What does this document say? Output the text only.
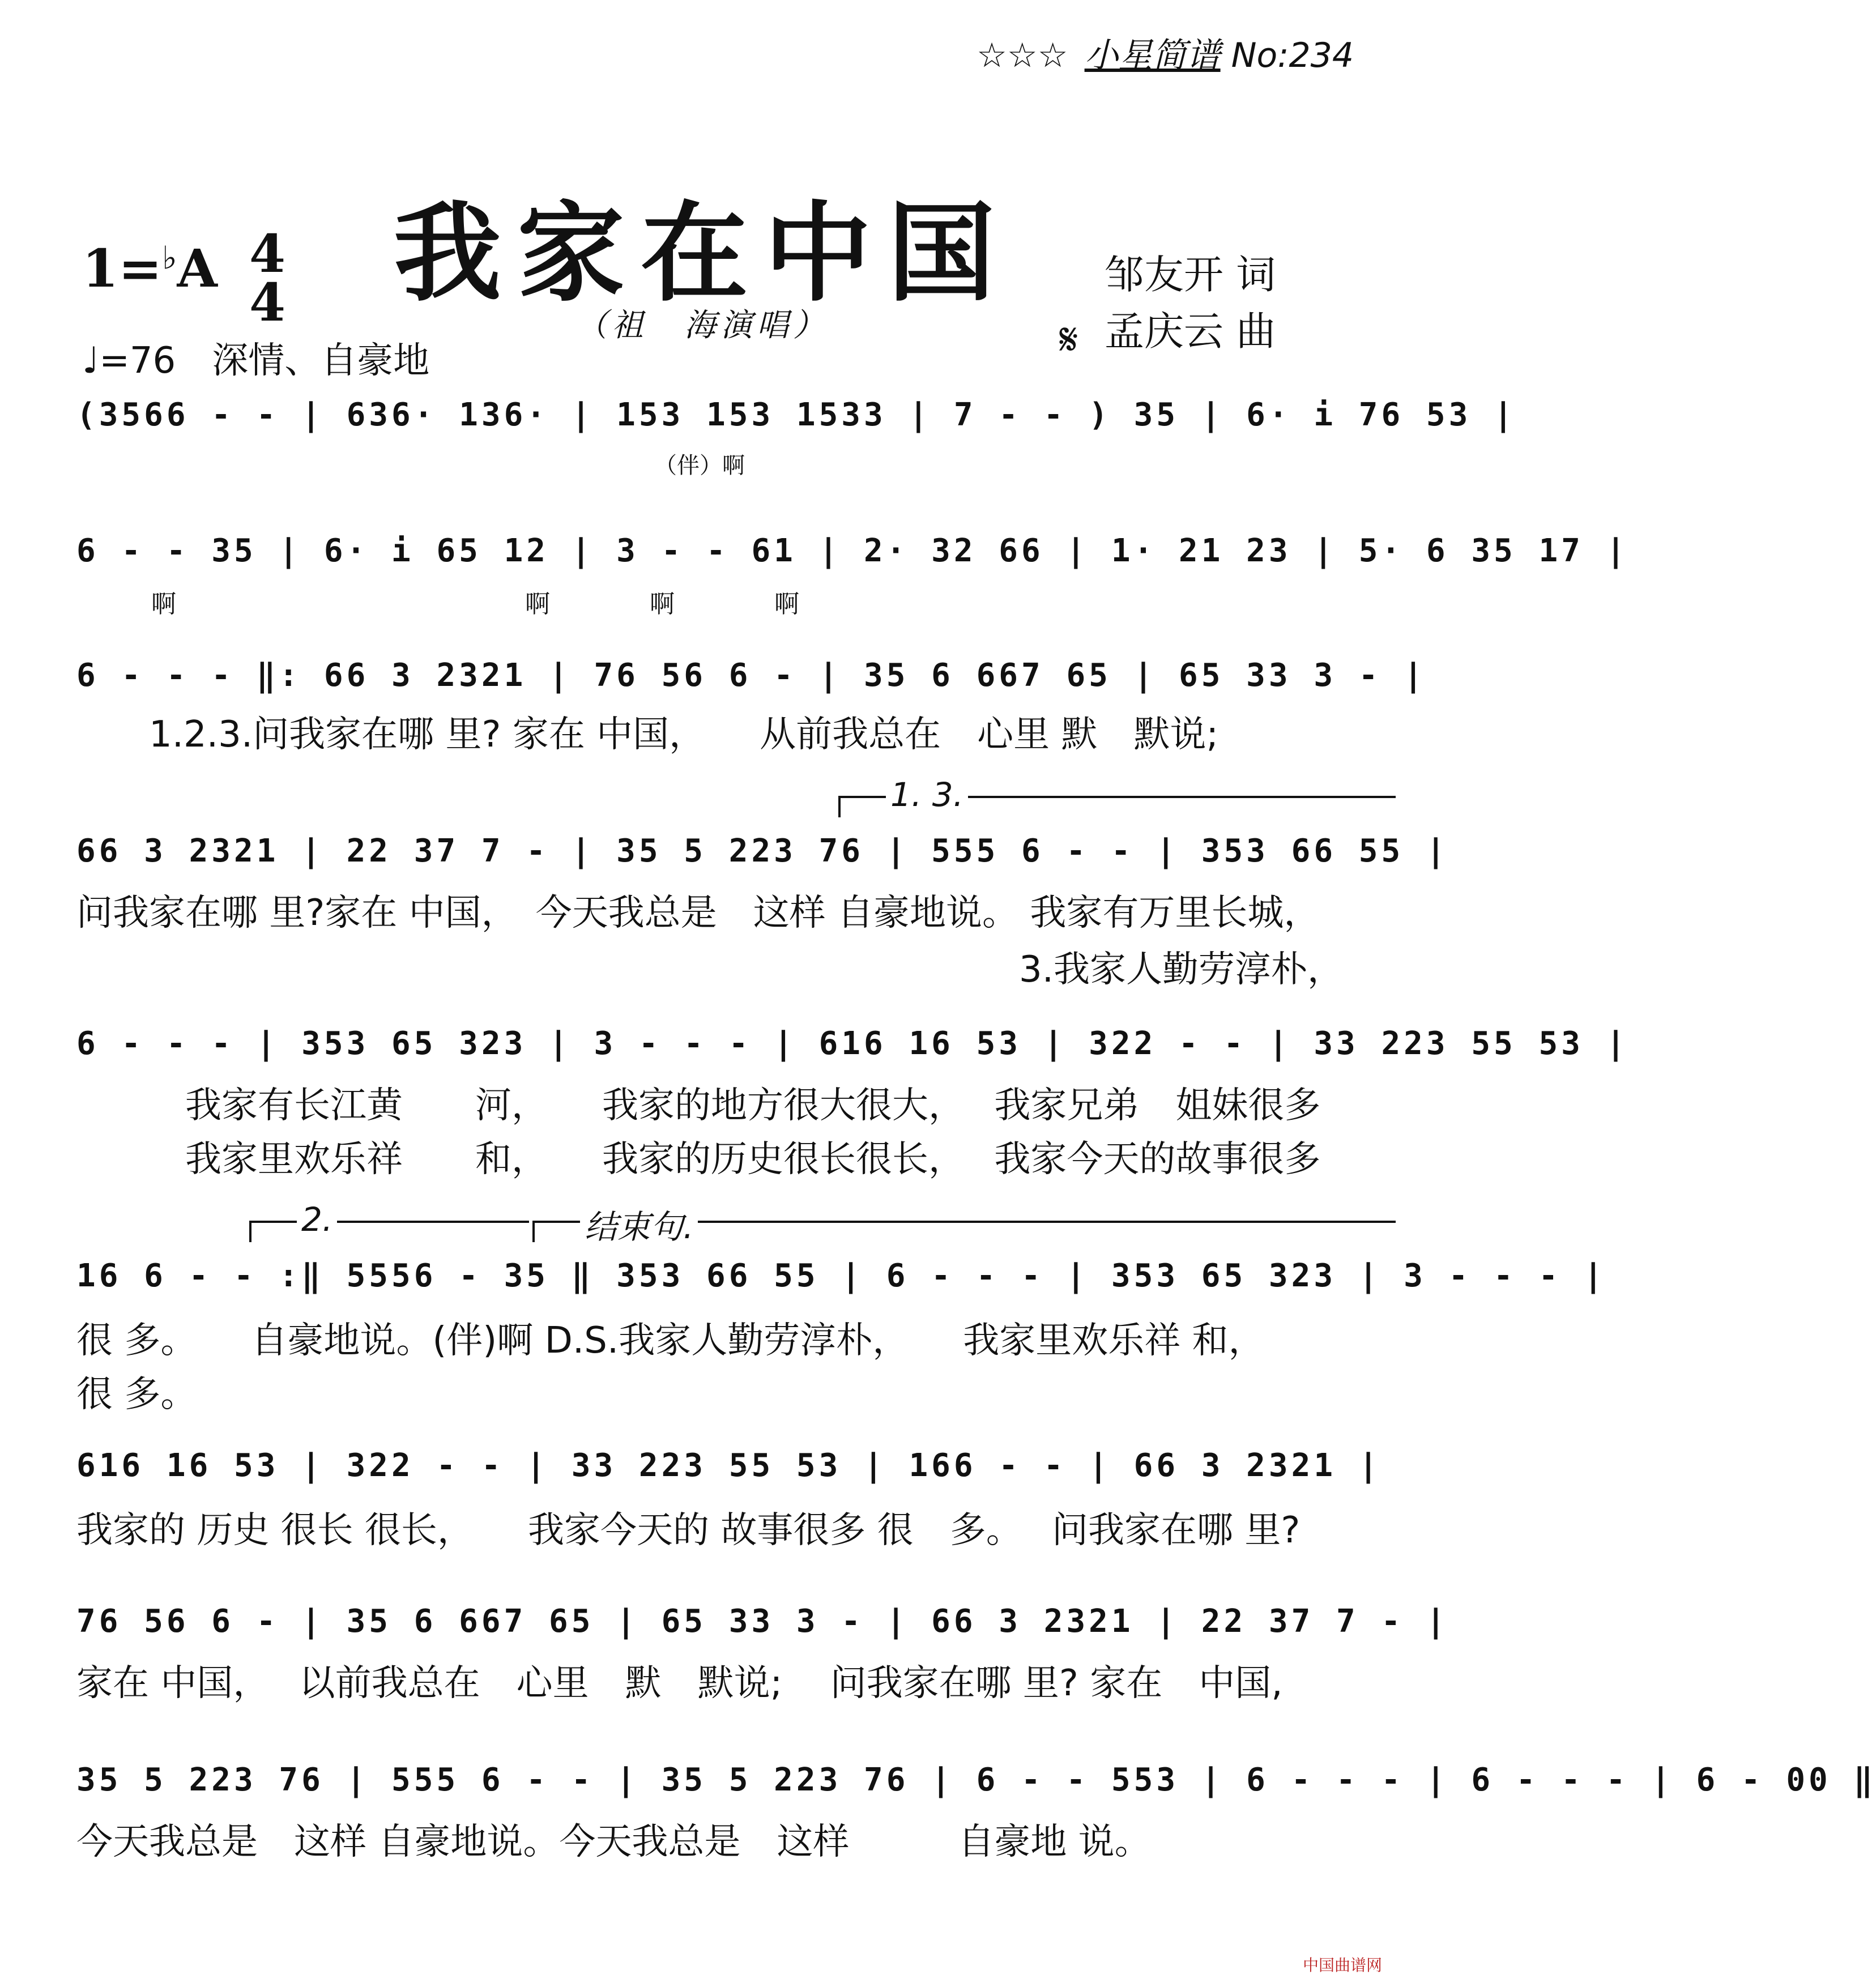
☆☆☆ 小星简谱 No:234
我家在中国
（祖　海演唱）
1=♭A 4
4
♩=76　深情、自豪地
邹友开 词
孟庆云 曲
𝄋
(3566 - - | 636· 136· | 153 153 1533 | 7 - - ) 35 | 6· i 76 53 |
　　　　　　　　　　　　　　　　　　　　　　　　　　（伴）啊
6 - - 35 | 6· i 65 12 | 3 - - 61 | 2· 32 66 | 1· 21 23 | 5· 6 35 17 |
　　　啊　　　　　　　　　　　　　　啊　　　　啊　　　　啊
6 - - - ‖: 66 3 2321 | 76 56 6 - | 35 6 667 65 | 65 33 3 - |
　　1.2.3.问我家在哪 里? 家在 中国，　　从前我总在　心里 默　默说;
1. 3.
66 3 2321 | 22 37 7 - | 35 5 223 76 | 555 6 - - | 353 66 55 |
问我家在哪 里?家在 中国，　今天我总是　这样 自豪地说。 我家有万里长城，
　　　　　　　　　　　　　　　　　　　　　　　　　　3.我家人勤劳淳朴，
6 - - - | 353 65 323 | 3 - - - | 616 16 53 | 322 - - | 33 223 55 53 |
　　　我家有长江黄　　河，　　我家的地方很大很大，　 我家兄弟　姐妹很多
　　　我家里欢乐祥　　和，　　我家的历史很长很长，　 我家今天的故事很多
2.	结束句.
16 6 - - :‖ 5556 - 35 ‖ 353 66 55 | 6 - - - | 353 65 323 | 3 - - - |
很 多。　　自豪地说。(伴)啊 D.S.我家人勤劳淳朴，　　我家里欢乐祥 和，
很 多。
616 16 53 | 322 - - | 33 223 55 53 | 166 - - | 66 3 2321 |
我家的 历史 很长 很长，　　我家今天的 故事很多 很　多。　 问我家在哪 里?
76 56 6 - | 35 6 667 65 | 65 33 3 - | 66 3 2321 | 22 37 7 - |
家在 中国，　 以前我总在　心里　默　默说;　 问我家在哪 里? 家在　中国,
35 5 223 76 | 555 6 - - | 35 5 223 76 | 6 - - 553 | 6 - - - | 6 - - - | 6 - 00 ‖
今天我总是　这样 自豪地说。今天我总是　这样　　　自豪地 说。
中国曲谱网
